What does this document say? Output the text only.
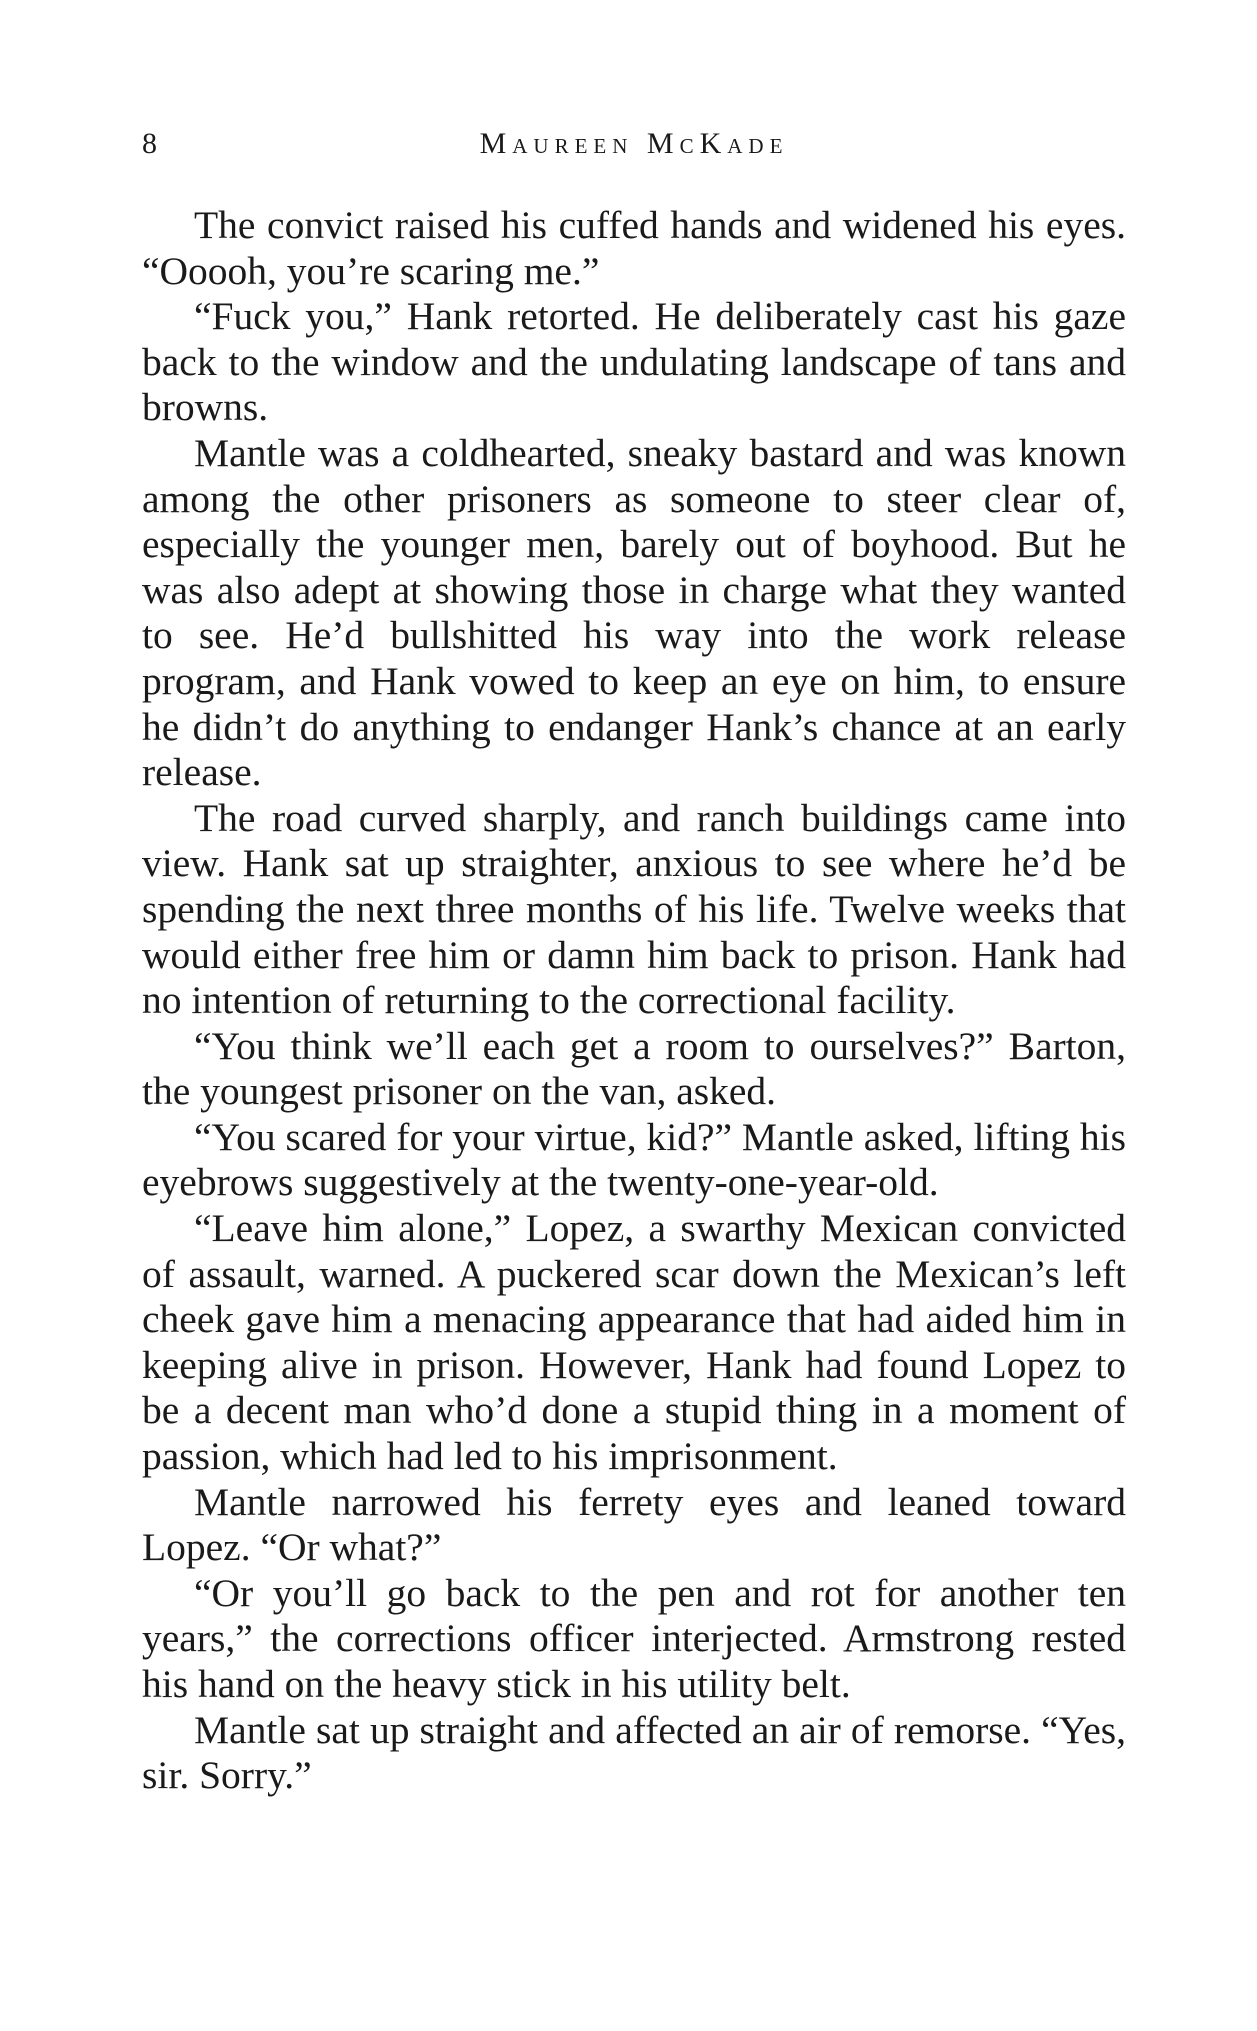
8	Maureen McKade

The convict raised his cuffed hands and widened his eyes. “Ooooh, you’re scaring me.”

“Fuck you,” Hank retorted. He deliberately cast his gaze back to the window and the undulating landscape of tans and browns.

Mantle was a coldhearted, sneaky bastard and was known among the other prisoners as someone to steer clear of, especially the younger men, barely out of boyhood. But he was also adept at showing those in charge what they wanted to see. He’d bullshitted his way into the work release program, and Hank vowed to keep an eye on him, to ensure he didn’t do anything to endanger Hank’s chance at an early release.

The road curved sharply, and ranch buildings came into view. Hank sat up straighter, anxious to see where he’d be spending the next three months of his life. Twelve weeks that would either free him or damn him back to prison. Hank had no intention of returning to the correctional facility.

“You think we’ll each get a room to ourselves?” Barton, the youngest prisoner on the van, asked.

“You scared for your virtue, kid?” Mantle asked, lifting his eyebrows suggestively at the twenty-one-year-old.

“Leave him alone,” Lopez, a swarthy Mexican convicted of assault, warned. A puckered scar down the Mexican’s left cheek gave him a menacing appearance that had aided him in keeping alive in prison. However, Hank had found Lopez to be a decent man who’d done a stupid thing in a moment of passion, which had led to his imprisonment.

Mantle narrowed his ferrety eyes and leaned toward Lopez. “Or what?”

“Or you’ll go back to the pen and rot for another ten years,” the corrections officer interjected. Armstrong rested his hand on the heavy stick in his utility belt.

Mantle sat up straight and affected an air of remorse. “Yes, sir. Sorry.”
